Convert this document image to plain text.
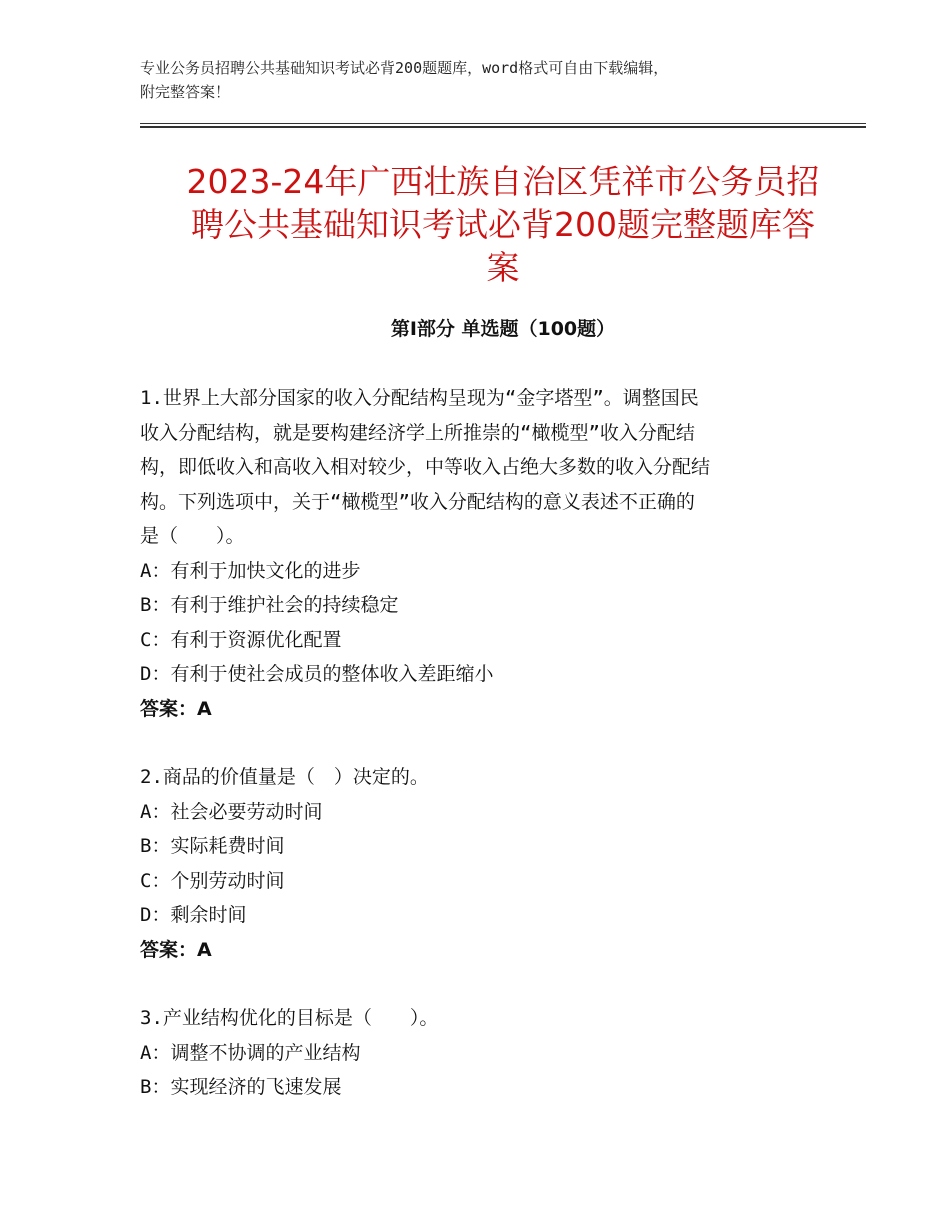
专业公务员招聘公共基础知识考试必背200题题库，word格式可自由下载编辑，
附完整答案！
2023-24年广西壮族自治区凭祥市公务员招
聘公共基础知识考试必背200题完整题库答
案
第Ⅰ部分 单选题（100题）
1.世界上大部分国家的收入分配结构呈现为“金字塔型”。调整国民
收入分配结构，就是要构建经济学上所推崇的“橄榄型”收入分配结
构，即低收入和高收入相对较少，中等收入占绝大多数的收入分配结
构。下列选项中，关于“橄榄型”收入分配结构的意义表述不正确的
是（　　）。
A：有利于加快文化的进步
B：有利于维护社会的持续稳定
C：有利于资源优化配置
D：有利于使社会成员的整体收入差距缩小
答案：A
2.商品的价值量是（　）决定的。
A：社会必要劳动时间
B：实际耗费时间
C：个别劳动时间
D：剩余时间
答案：A
3.产业结构优化的目标是（　　）。
A：调整不协调的产业结构
B：实现经济的飞速发展
